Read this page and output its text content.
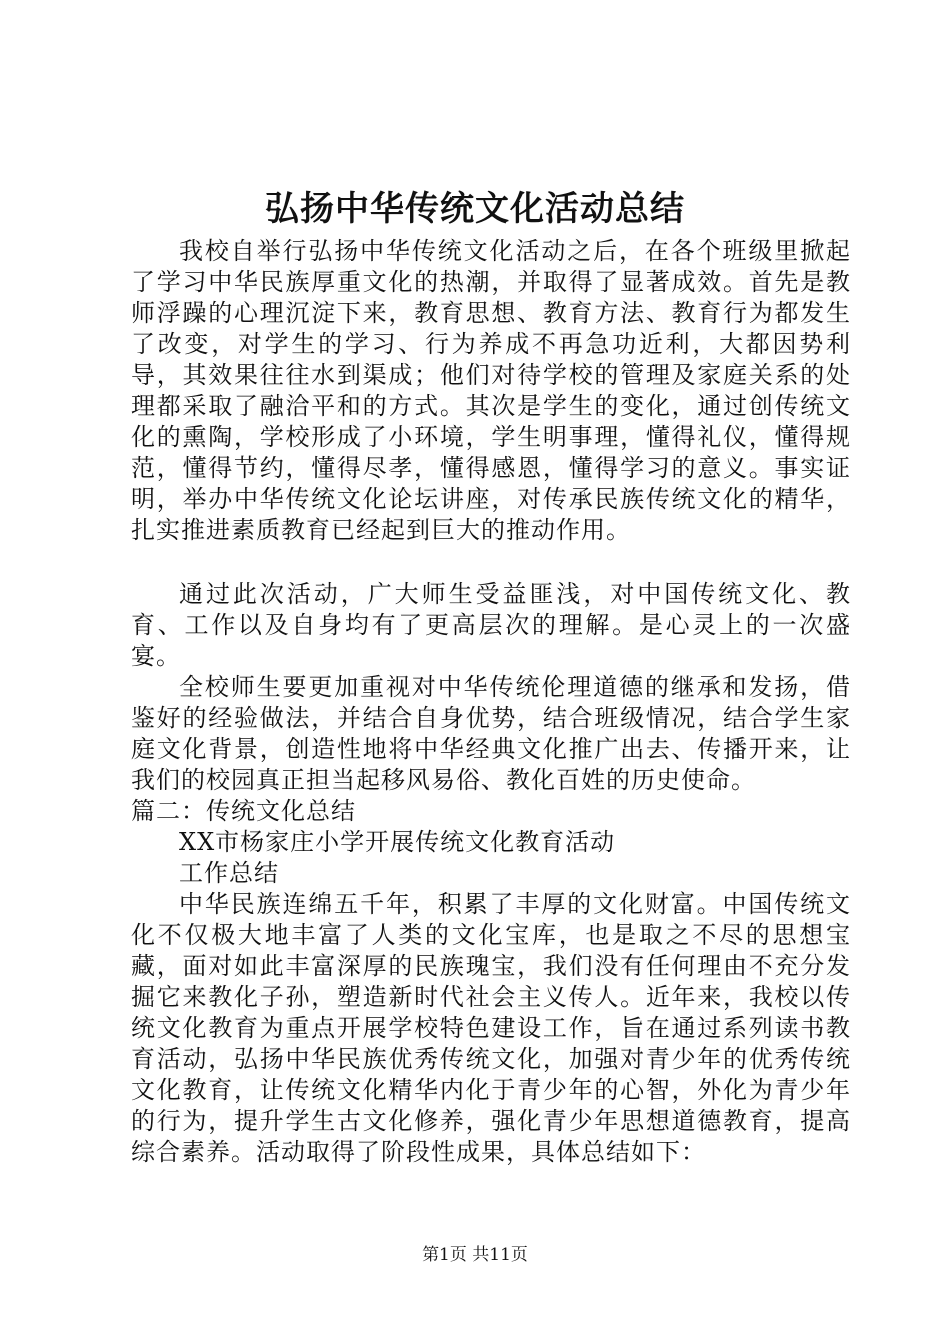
弘扬中华传统文化活动总结

我校自举行弘扬中华传统文化活动之后，在各个班级里掀起了学习中华民族厚重文化的热潮，并取得了显著成效。首先是教师浮躁的心理沉淀下来，教育思想、教育方法、教育行为都发生了改变，对学生的学习、行为养成不再急功近利，大都因势利导，其效果往往水到渠成；他们对待学校的管理及家庭关系的处理都采取了融洽平和的方式。其次是学生的变化，通过创传统文化的熏陶，学校形成了小环境，学生明事理，懂得礼仪，懂得规范，懂得节约，懂得尽孝，懂得感恩，懂得学习的意义。事实证明，举办中华传统文化论坛讲座，对传承民族传统文化的精华，扎实推进素质教育已经起到巨大的推动作用。

通过此次活动，广大师生受益匪浅，对中国传统文化、教育、工作以及自身均有了更高层次的理解。是心灵上的一次盛宴。

全校师生要更加重视对中华传统伦理道德的继承和发扬，借鉴好的经验做法，并结合自身优势，结合班级情况，结合学生家庭文化背景，创造性地将中华经典文化推广出去、传播开来，让我们的校园真正担当起移风易俗、教化百姓的历史使命。

篇二：传统文化总结

XX市杨家庄小学开展传统文化教育活动

工作总结

中华民族连绵五千年，积累了丰厚的文化财富。中国传统文化不仅极大地丰富了人类的文化宝库，也是取之不尽的思想宝藏，面对如此丰富深厚的民族瑰宝，我们没有任何理由不充分发掘它来教化子孙，塑造新时代社会主义传人。近年来，我校以传统文化教育为重点开展学校特色建设工作，旨在通过系列读书教育活动，弘扬中华民族优秀传统文化，加强对青少年的优秀传统文化教育，让传统文化精华内化于青少年的心智，外化为青少年的行为，提升学生古文化修养，强化青少年思想道德教育，提高综合素养。活动取得了阶段性成果，具体总结如下：

第1页 共11页
